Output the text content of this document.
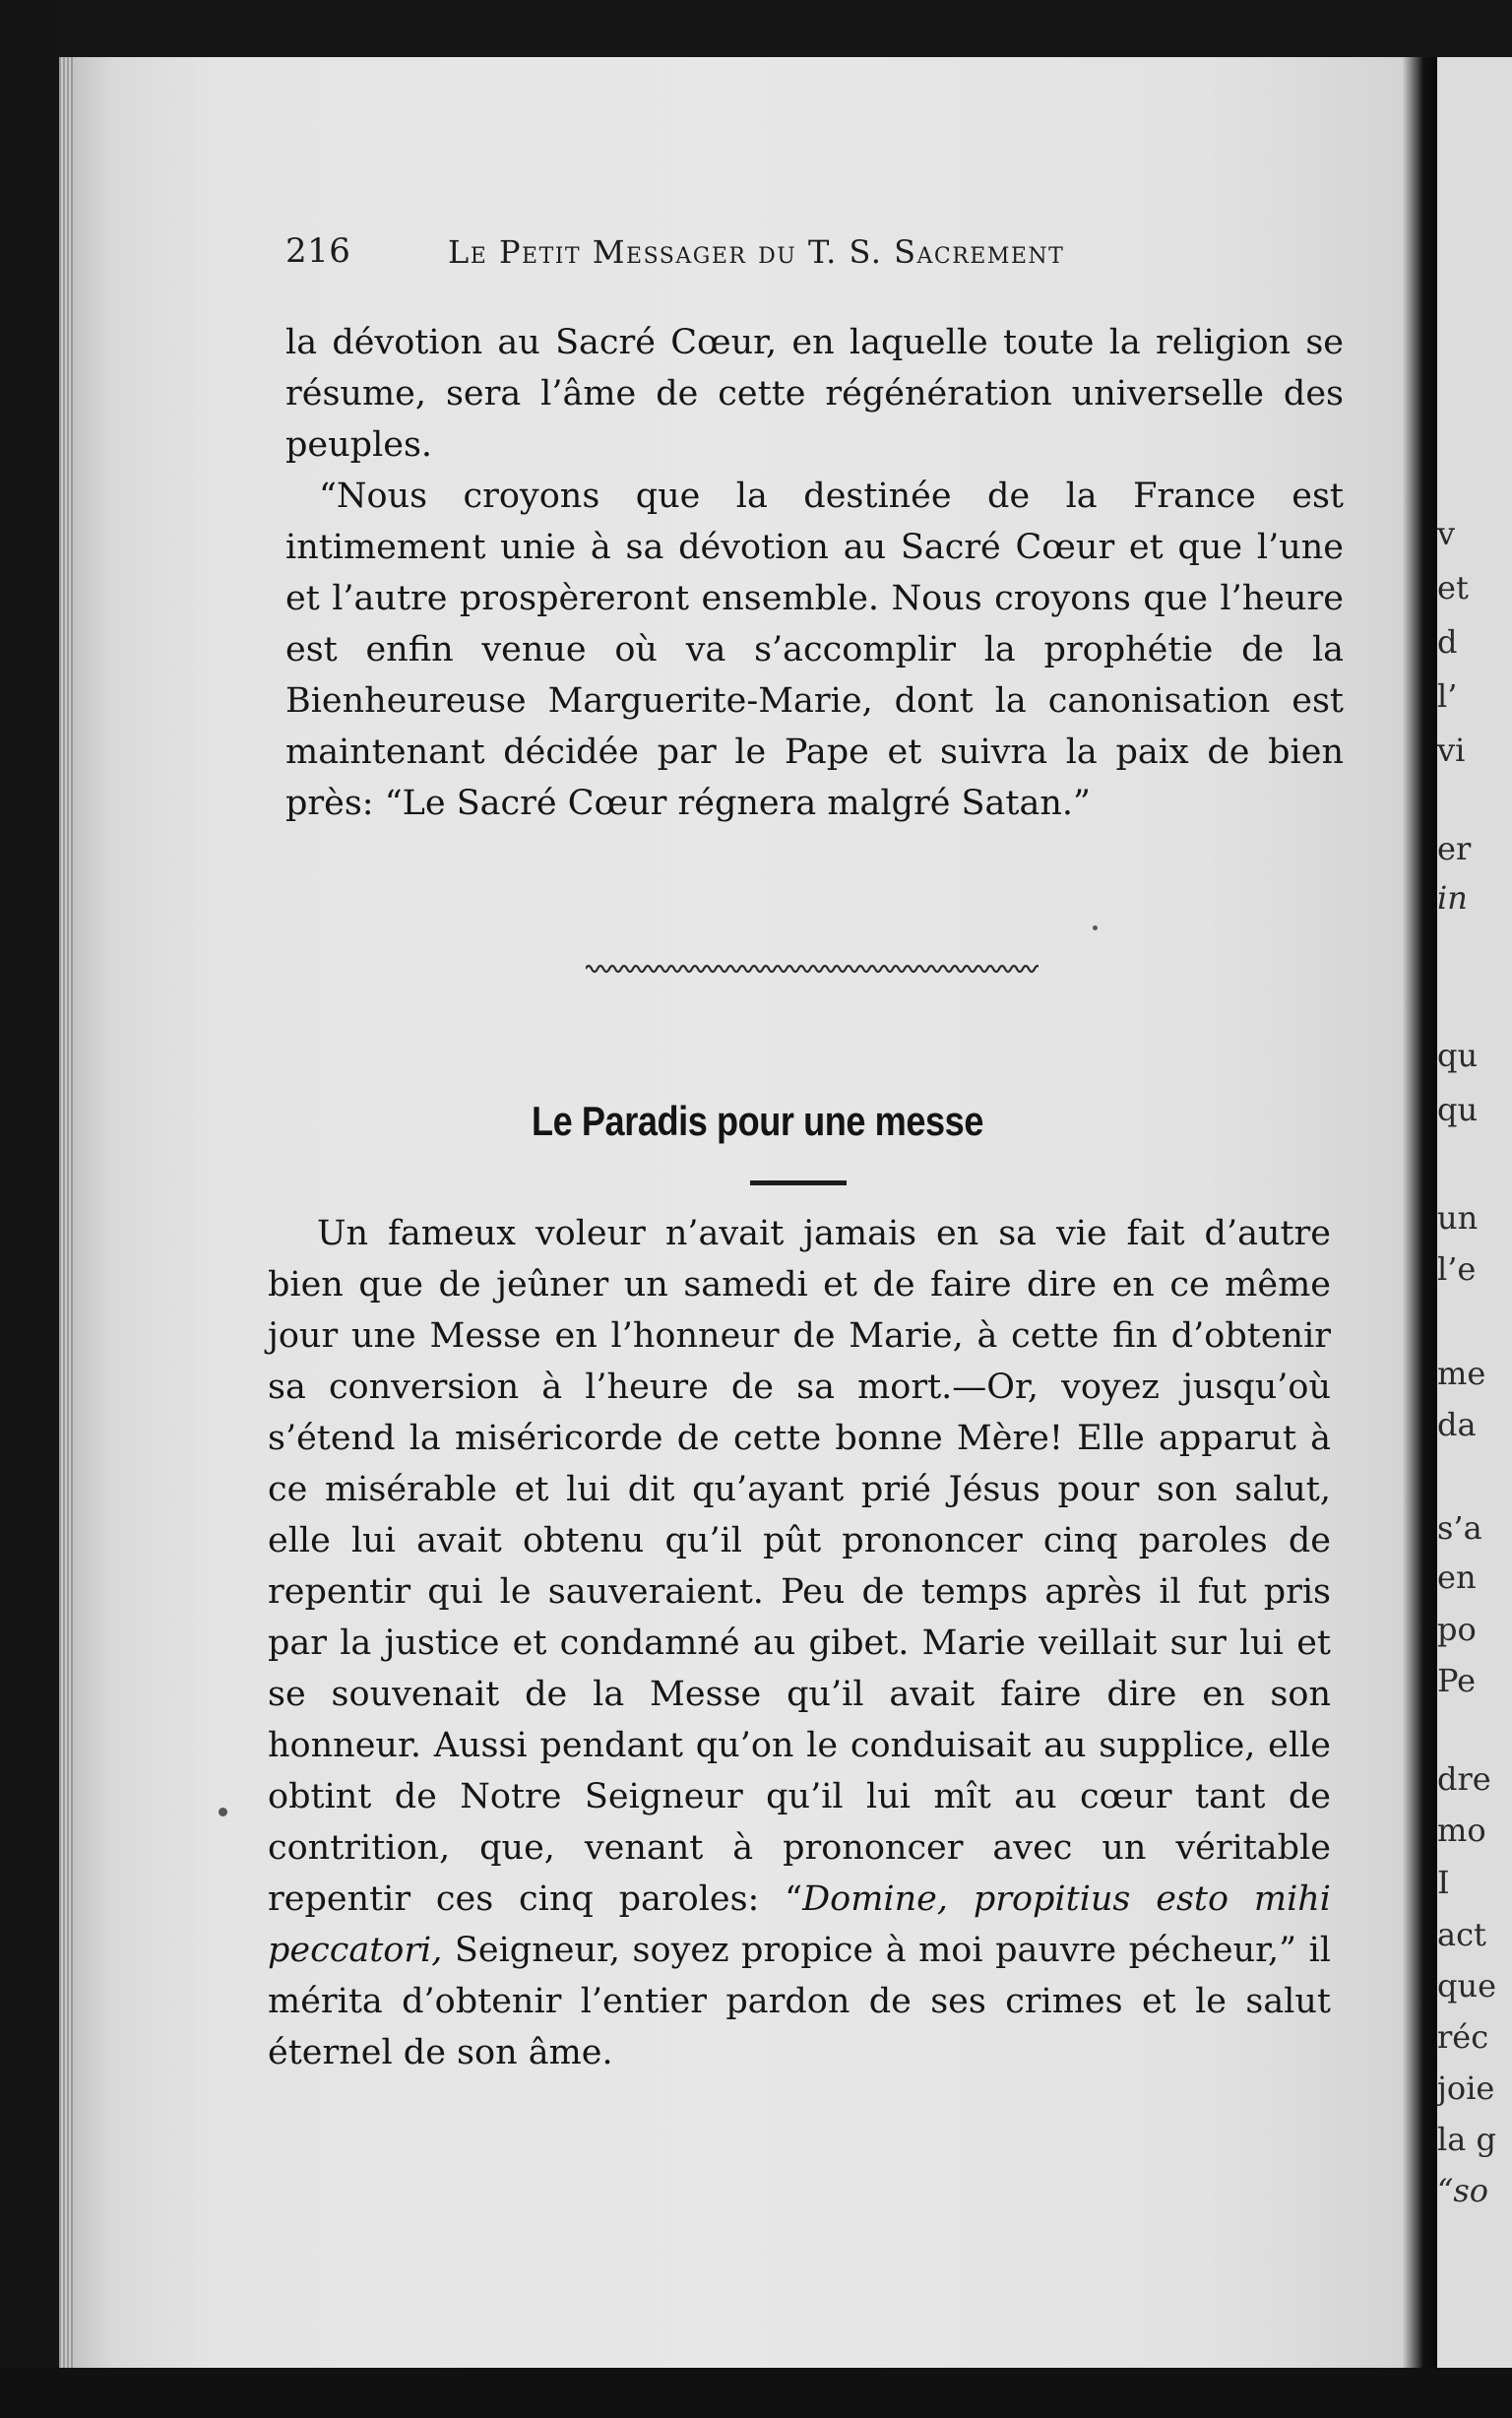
v
et
d
l’
vi
er
in
qu
qu
un
l’e
me
da
s’a
en
po
Pe
dre
mo
I
act
que
réc
joie
la g
“so
216	Le Petit Messager du T. S. Sacrement
la dévotion au Sacré Cœur, en laquelle toute la religion se résume, sera l’âme de cette régénération universelle des peuples.
“Nous croyons que la destinée de la France est intimement unie à sa dévotion au Sacré Cœur et que l’une et l’autre prospèreront ensemble. Nous croyons que l’heure est enfin venue où va s’accomplir la prophétie de la Bienheureuse Marguerite-Marie, dont la canonisation est maintenant décidée par le Pape et suivra la paix de bien près: “Le Sacré Cœur régnera malgré Satan.”
Le Paradis pour une messe
Un fameux voleur n’avait jamais en sa vie fait d’autre bien que de jeûner un samedi et de faire dire en ce même jour une Messe en l’honneur de Marie, à cette fin d’obtenir sa conversion à l’heure de sa mort.—Or, voyez jusqu’où s’étend la miséricorde de cette bonne Mère! Elle apparut à ce misérable et lui dit qu’ayant prié Jésus pour son salut, elle lui avait obtenu qu’il pût prononcer cinq paroles de repentir qui le sauveraient. Peu de temps après il fut pris par la justice et condamné au gibet. Marie veillait sur lui et se souvenait de la Messe qu’il avait faire dire en son honneur. Aussi pendant qu’on le conduisait au supplice, elle obtint de Notre Seigneur qu’il lui mît au cœur tant de contrition, que, venant à prononcer avec un véritable repentir ces cinq paroles: “Domine, propitius esto mihi peccatori, Seigneur, soyez propice à moi pauvre pécheur,” il mérita d’obtenir l’entier pardon de ses crimes et le salut éternel de son âme.
